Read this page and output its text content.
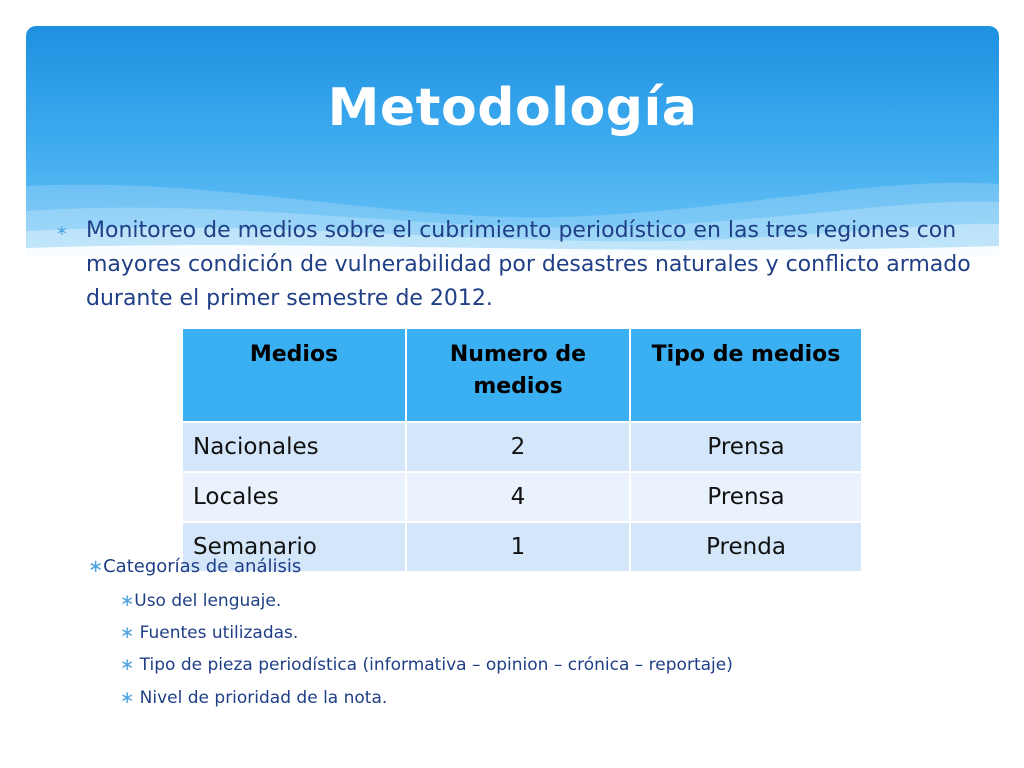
Metodología
∗ Monitoreo de medios sobre el cubrimiento periodístico en las tres regiones con mayores condición de vulnerabilidad por desastres naturales y conflicto armado durante el primer semestre de 2012.
Medios	Numero de medios	Tipo de medios
Nacionales	2	Prensa
Locales	4	Prensa
Semanario	1	Prenda
∗Categorías de análisis
∗Uso del lenguaje.
∗ Fuentes utilizadas.
∗ Tipo de pieza periodística (informativa – opinion – crónica – reportaje)
∗ Nivel de prioridad de la nota.
